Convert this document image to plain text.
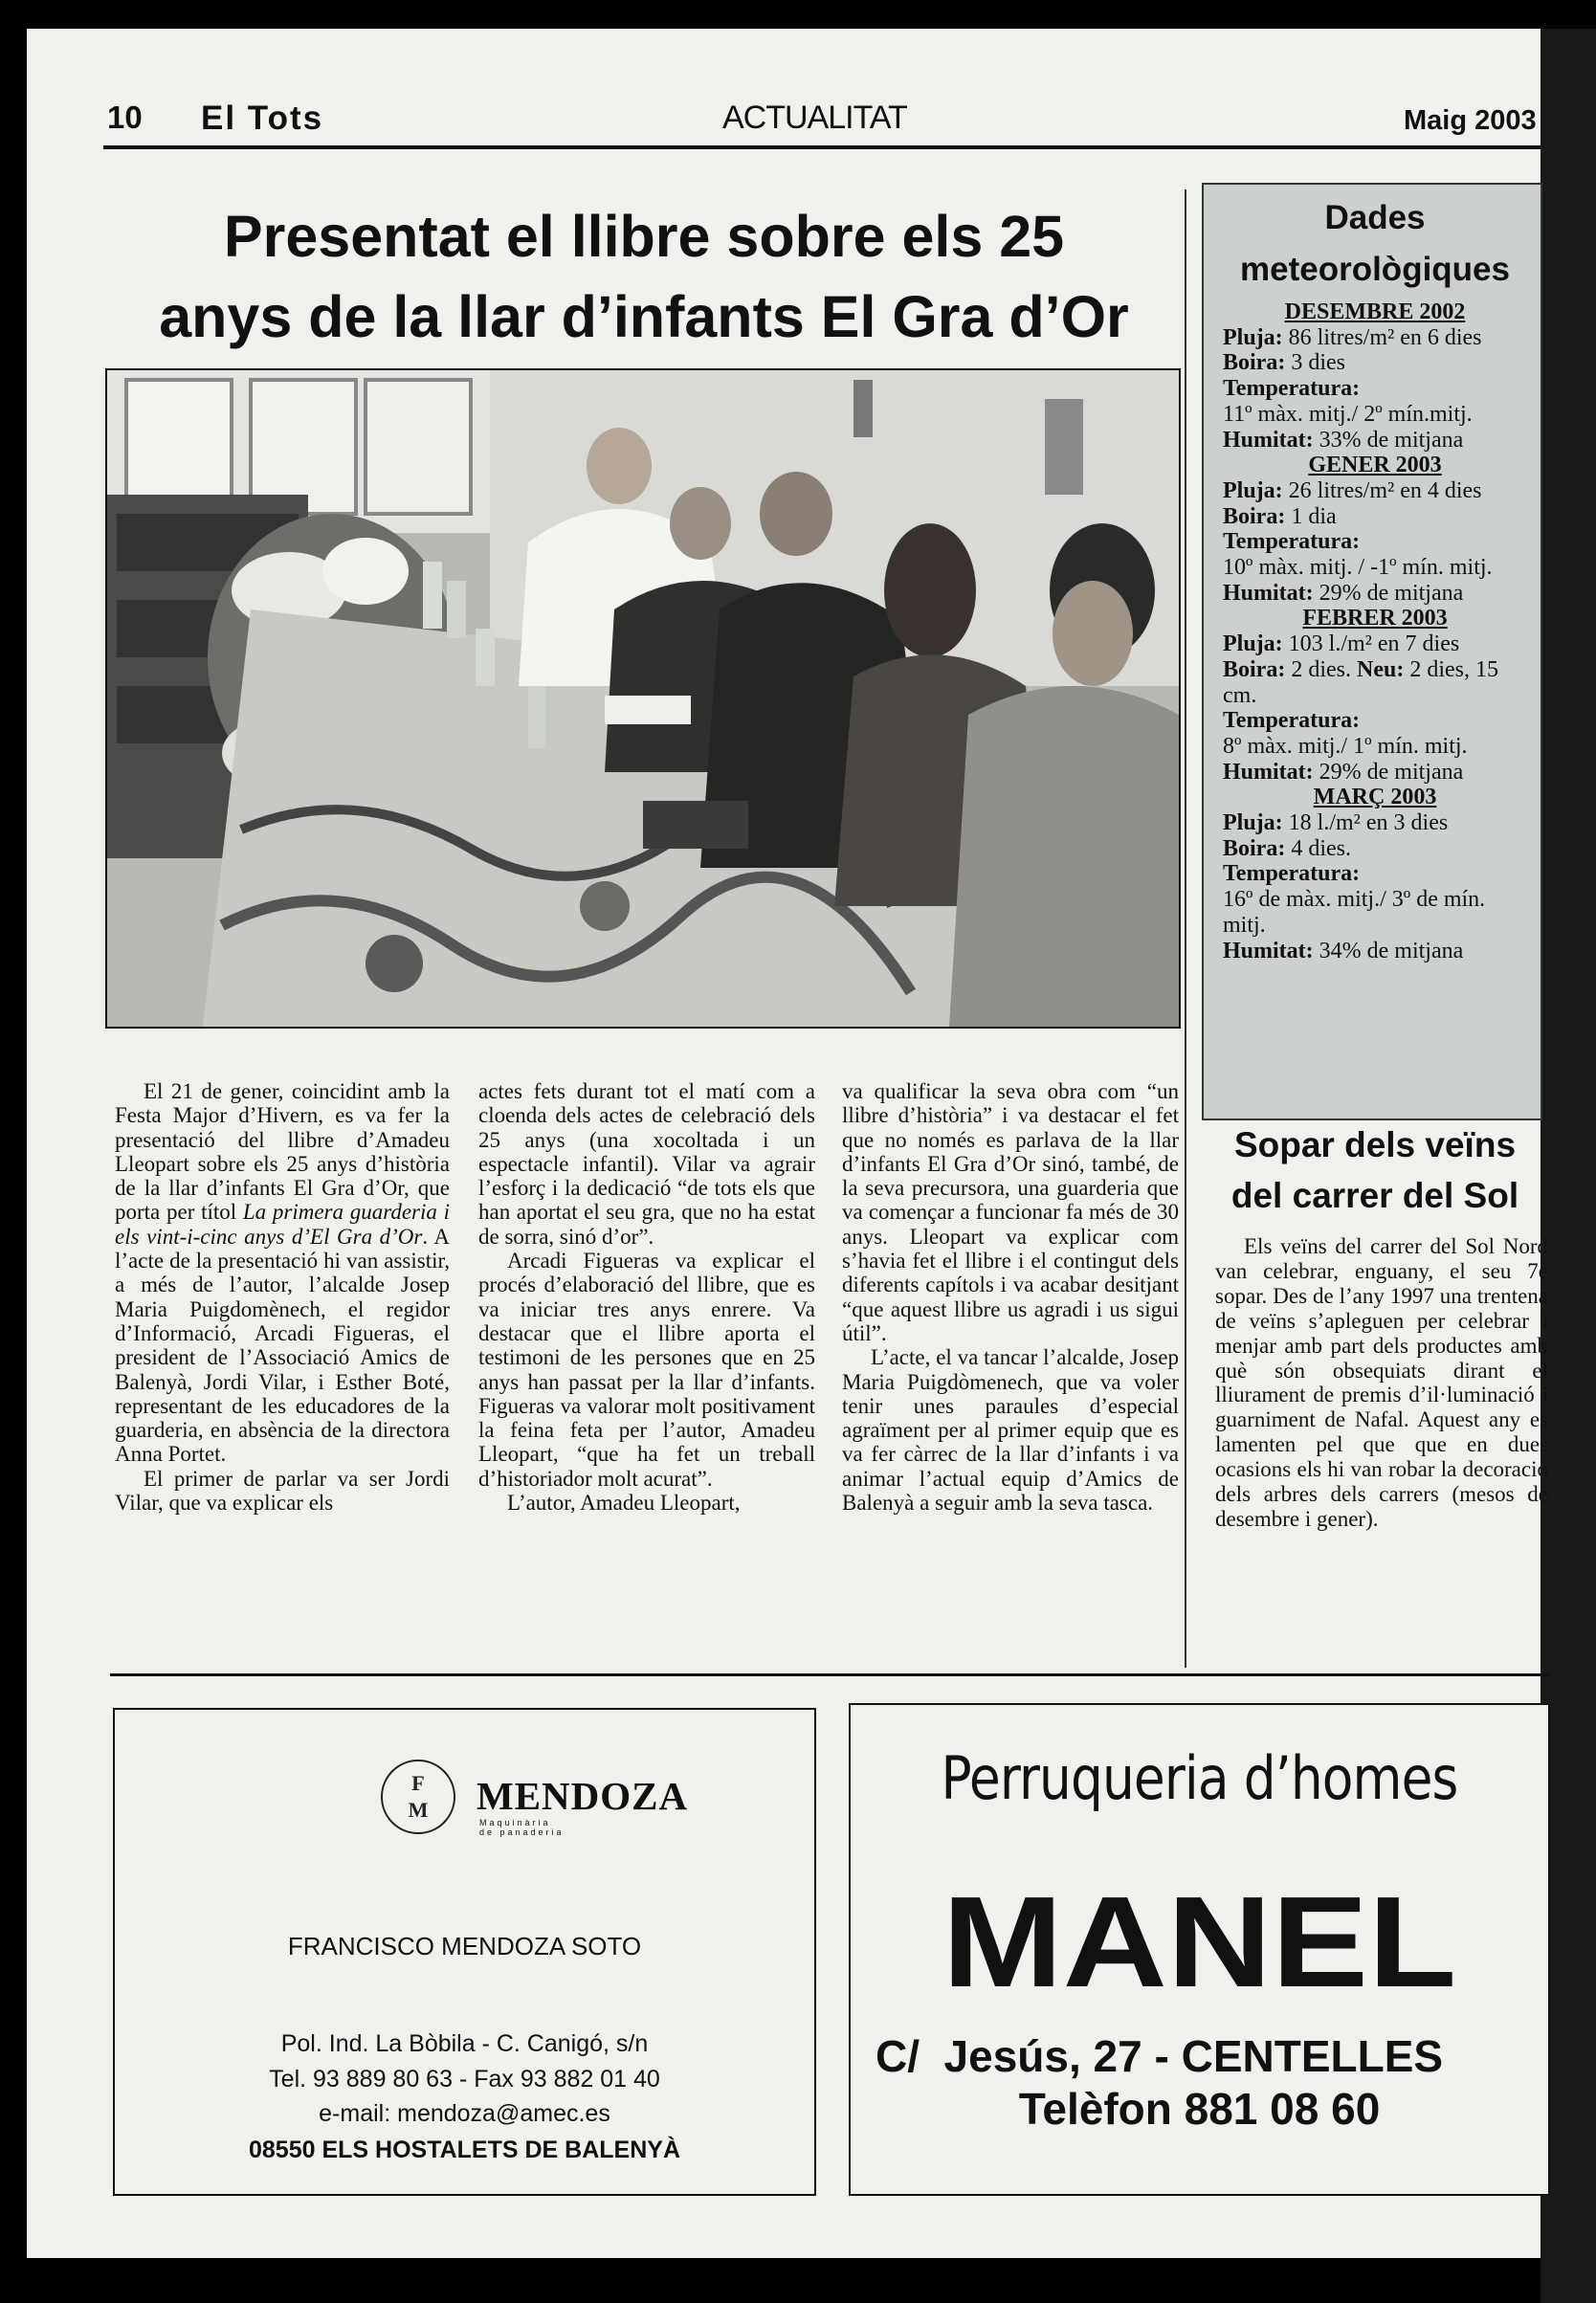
10 El Tots	ACTUALITAT	Maig 2003
Presentat el llibre sobre els 25
anys de la llar d’infants El Gra d’Or

El 21 de gener, coincidint amb la Festa Major d’Hivern, es va fer la presentació del llibre d’Amadeu Lleopart sobre els 25 anys d’història de la llar d’infants El Gra d’Or, que porta per títol La primera guarderia i els vint-i-cinc anys d’El Gra d’Or. A l’acte de la presentació hi van assistir, a més de l’autor, l’alcalde Josep Maria Puigdomènech, el regidor d’Informació, Arcadi Figueras, el president de l’Associació Amics de Balenyà, Jordi Vilar, i Esther Boté, representant de les educadores de la guarderia, en absència de la directora Anna Portet.

El primer de parlar va ser Jordi Vilar, que va explicar els

actes fets durant tot el matí com a cloenda dels actes de celebració dels 25 anys (una xocoltada i un espectacle infantil). Vilar va agrair l’esforç i la dedicació “de tots els que han aportat el seu gra, que no ha estat de sorra, sinó d’or”.

Arcadi Figueras va explicar el procés d’elaboració del llibre, que es va iniciar tres anys enrere. Va destacar que el llibre aporta el testimoni de les persones que en 25 anys han passat per la llar d’infants. Figueras va valorar molt positivament la feina feta per l’autor, Amadeu Lleopart, “que ha fet un treball d’historiador molt acurat”.

L’autor, Amadeu Lleopart,

va qualificar la seva obra com “un llibre d’història” i va destacar el fet que no només es parlava de la llar d’infants El Gra d’Or sinó, també, de la seva precursora, una guarderia que va començar a funcionar fa més de 30 anys. Lleopart va explicar com s’havia fet el llibre i el contingut dels diferents capítols i va acabar desitjant “que aquest llibre us agradi i us sigui útil”.

L’acte, el va tancar l’alcalde, Josep Maria Puigdòmenech, que va voler tenir unes paraules d’especial agraïment per al primer equip que es va fer càrrec de la llar d’infants i va animar l’actual equip d’Amics de Balenyà a seguir amb la seva tasca.

Dades meteorològiques
DESEMBRE 2002
Pluja: 86 litres/m² en 6 dies
Boira: 3 dies
Temperatura:
11º màx. mitj./ 2º mín.mitj.
Humitat: 33% de mitjana
GENER 2003
Pluja: 26 litres/m² en 4 dies
Boira: 1 dia
Temperatura:
10º màx. mitj. / -1º mín. mitj.
Humitat: 29% de mitjana
FEBRER 2003
Pluja: 103 l./m² en 7 dies
Boira: 2 dies. Neu: 2 dies, 15 cm.
Temperatura:
8º màx. mitj./ 1º mín. mitj.
Humitat: 29% de mitjana
MARÇ 2003
Pluja: 18 l./m² en 3 dies
Boira: 4 dies.
Temperatura:
16º de màx. mitj./ 3º de mín. mitj.
Humitat: 34% de mitjana
Sopar dels veïns
del carrer del Sol

Els veïns del carrer del Sol Nord van celebrar, enguany, el seu 7è sopar. Des de l’any 1997 una trentena de veïns s’apleguen per celebrar i menjar amb part dels productes amb què són obsequiats dirant el lliurament de premis d’il·luminació i guarniment de Nafal. Aquest any es lamenten pel que que en dues ocasions els hi van robar la decoració dels arbres dels carrers (mesos de desembre i gener).

F
M	MENDOZA
Maquinària
de panaderia
FRANCISCO MENDOZA SOTO
Pol. Ind. La Bòbila - C. Canigó, s/n
Tel. 93 889 80 63 - Fax 93 882 01 40
e-mail: mendoza@amec.es
08550 ELS HOSTALETS DE BALENYÀ
Perruqueria d’homes
MANEL
C/  Jesús, 27 - CENTELLES
Telèfon 881 08 60
